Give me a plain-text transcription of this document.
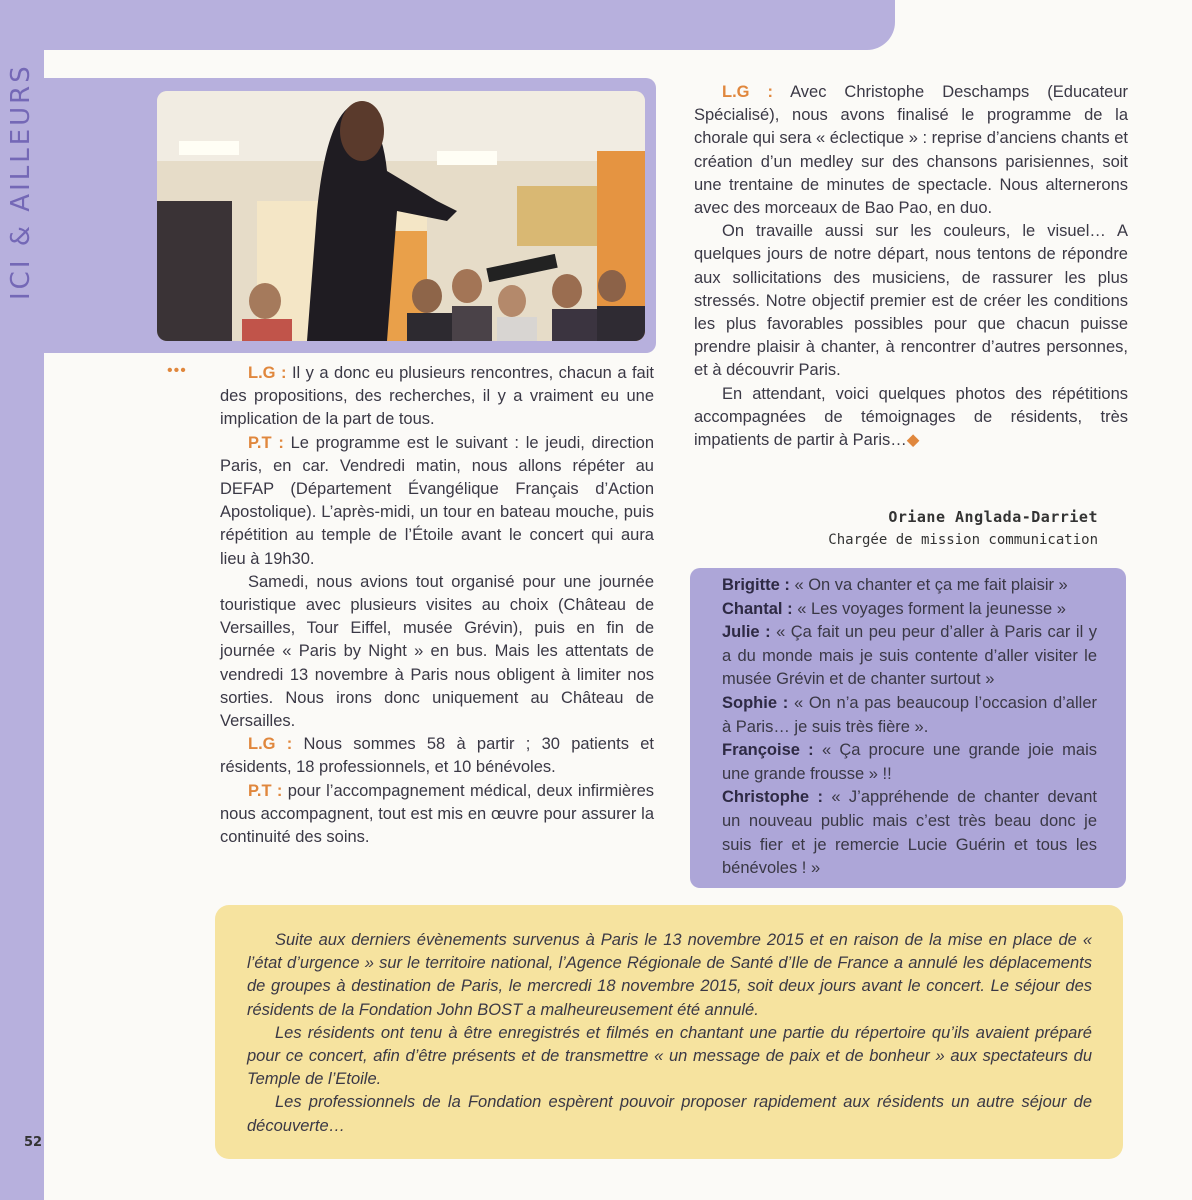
•••	L.G : Il y a donc eu plusieurs rencontres, chacun a fait des propositions, des recherches, il y a vraiment eu une implication de la part de tous.

P.T : Le programme est le suivant : le jeudi, direction Paris, en car. Vendredi matin, nous allons répéter au DEFAP (Département Évangélique Français d’Action Apostolique). L’après-midi, un tour en bateau mouche, puis répétition au temple de l’Étoile avant le concert qui aura lieu à 19h30.

Samedi, nous avions tout organisé pour une journée touristique avec plusieurs visites au choix (Château de Versailles, Tour Eiffel, musée Grévin), puis en fin de journée « Paris by Night » en bus. Mais les attentats de vendredi 13 novembre à Paris nous obligent à limiter nos sorties. Nous irons donc uniquement au Château de Versailles.

L.G : Nous sommes 58 à partir ; 30 patients et résidents, 18 professionnels, et 10 bénévoles.

P.T : pour l’accompagnement médical, deux infirmières nous accompagnent, tout est mis en œuvre pour assurer la continuité des soins.

L.G : Avec Christophe Deschamps (Educateur Spécialisé), nous avons finalisé le programme de la chorale qui sera « éclectique » : reprise d’anciens chants et création d’un medley sur des chansons parisiennes, soit une trentaine de minutes de spectacle. Nous alternerons avec des morceaux de Bao Pao, en duo.

On travaille aussi sur les couleurs, le visuel… A quelques jours de notre départ, nous tentons de répondre aux sollicitations des musiciens, de rassurer les plus stressés. Notre objectif premier est de créer les conditions les plus favorables possibles pour que chacun puisse prendre plaisir à chanter, à rencontrer d’autres personnes, et à découvrir Paris.

En attendant, voici quelques photos des répétitions accompagnées de témoignages de résidents, très impatients de partir à Paris…◆

Oriane Anglada-Darriet
Chargée de mission communication
Brigitte : « On va chanter et ça me fait plaisir »
Chantal : « Les voyages forment la jeunesse »
Julie : « Ça fait un peu peur d’aller à Paris car il y a du monde mais je suis contente d’aller visiter le musée Grévin et de chanter surtout »
Sophie : « On n’a pas beaucoup l’occasion d’aller à Paris… je suis très fière ».
Françoise : « Ça procure une grande joie mais une grande frousse » !!
Christophe : « J’appréhende de chanter devant un nouveau public mais c’est très beau donc je suis fier et je remercie Lucie Guérin et tous les bénévoles ! »

Suite aux derniers évènements survenus à Paris le 13 novembre 2015 et en raison de la mise en place de « l’état d’urgence » sur le territoire national, l’Agence Régionale de Santé d’Ile de France a annulé les déplacements de groupes à destination de Paris, le mercredi 18 novembre 2015, soit deux jours avant le concert. Le séjour des résidents de la Fondation John BOST a malheureusement été annulé.

Les résidents ont tenu à être enregistrés et filmés en chantant une partie du répertoire qu’ils avaient préparé pour ce concert, afin d’être présents et de transmettre « un message de paix et de bonheur » aux spectateurs du Temple de l’Etoile.

Les professionnels de la Fondation espèrent pouvoir proposer rapidement aux résidents un autre séjour de découverte…

52
